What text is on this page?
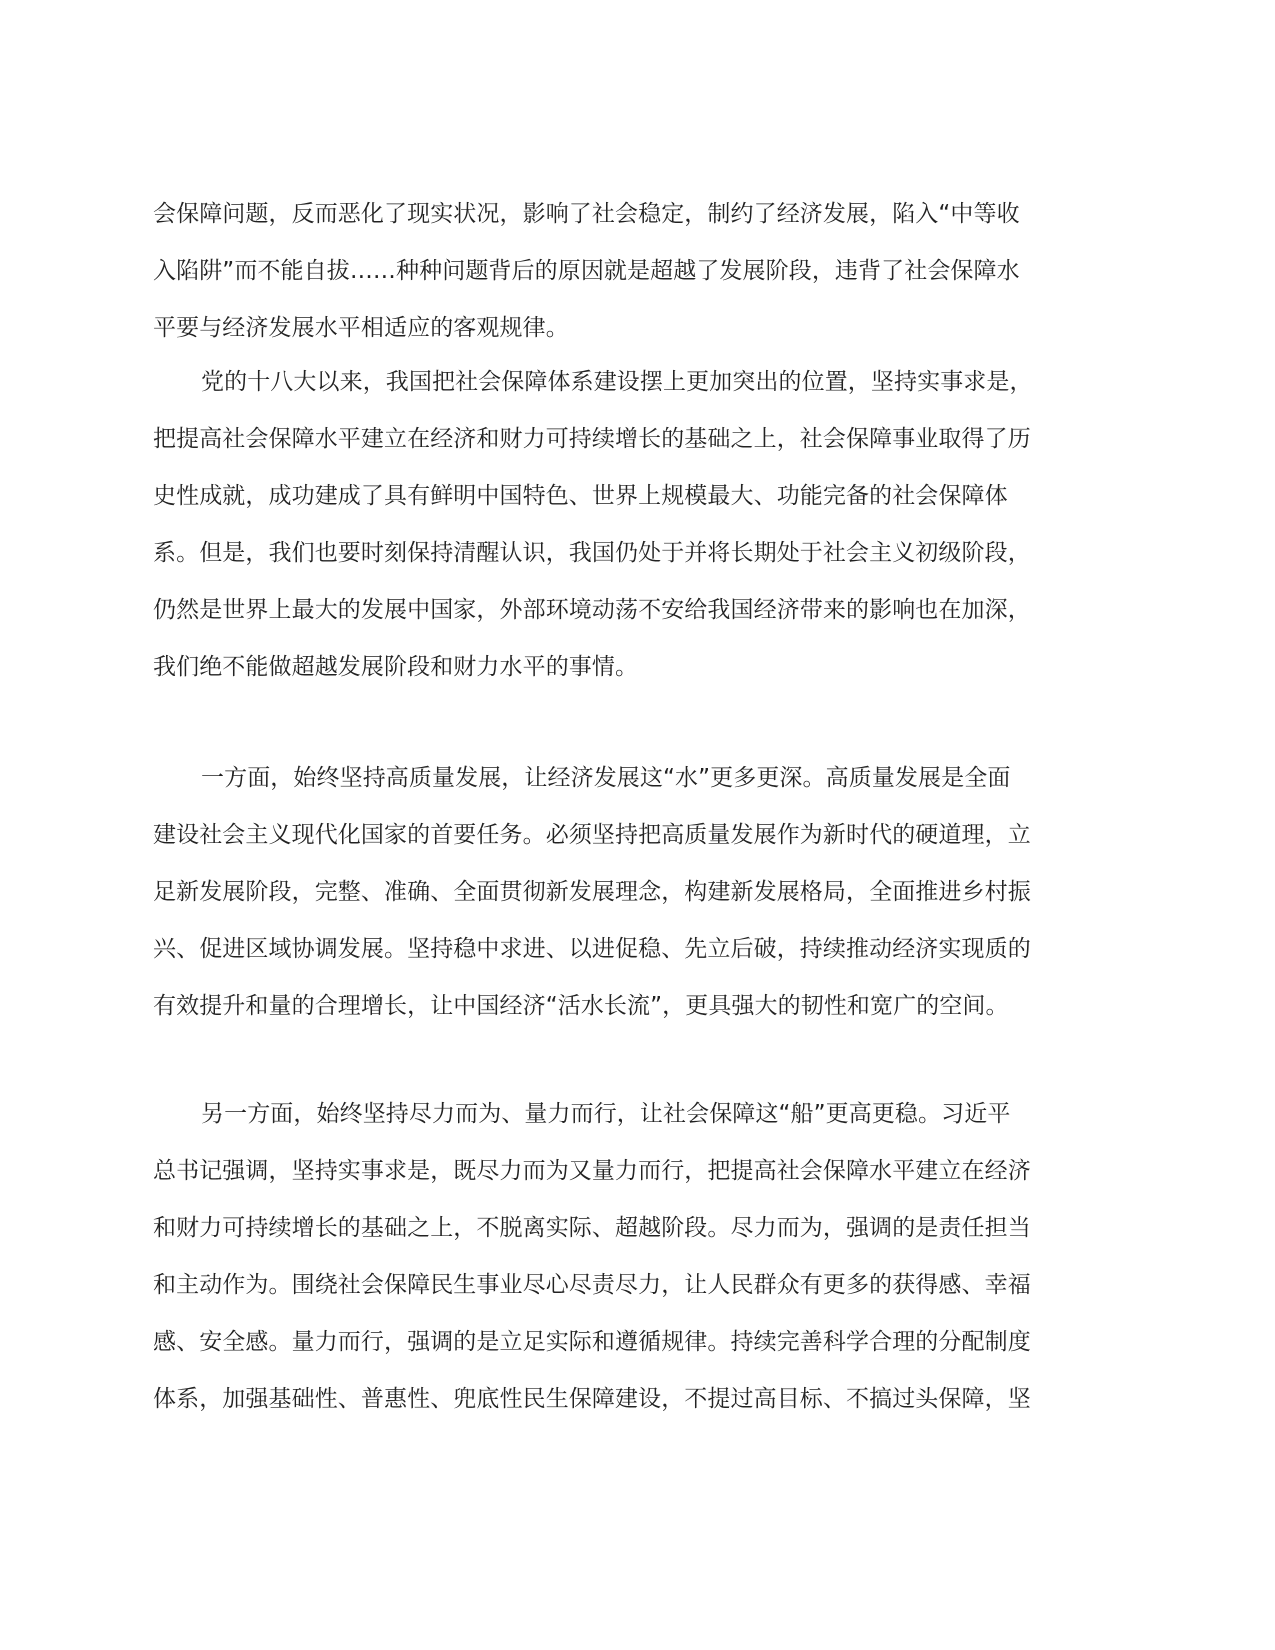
会保障问题，反而恶化了现实状况，影响了社会稳定，制约了经济发展，陷入“中等收
入陷阱”而不能自拔……种种问题背后的原因就是超越了发展阶段，违背了社会保障水
平要与经济发展水平相适应的客观规律。
党的十八大以来，我国把社会保障体系建设摆上更加突出的位置，坚持实事求是，
把提高社会保障水平建立在经济和财力可持续增长的基础之上，社会保障事业取得了历
史性成就，成功建成了具有鲜明中国特色、世界上规模最大、功能完备的社会保障体
系。但是，我们也要时刻保持清醒认识，我国仍处于并将长期处于社会主义初级阶段，
仍然是世界上最大的发展中国家，外部环境动荡不安给我国经济带来的影响也在加深，
我们绝不能做超越发展阶段和财力水平的事情。
一方面，始终坚持高质量发展，让经济发展这“水”更多更深。高质量发展是全面
建设社会主义现代化国家的首要任务。必须坚持把高质量发展作为新时代的硬道理，立
足新发展阶段，完整、准确、全面贯彻新发展理念，构建新发展格局，全面推进乡村振
兴、促进区域协调发展。坚持稳中求进、以进促稳、先立后破，持续推动经济实现质的
有效提升和量的合理增长，让中国经济“活水长流”，更具强大的韧性和宽广的空间。
另一方面，始终坚持尽力而为、量力而行，让社会保障这“船”更高更稳。习近平
总书记强调，坚持实事求是，既尽力而为又量力而行，把提高社会保障水平建立在经济
和财力可持续增长的基础之上，不脱离实际、超越阶段。尽力而为，强调的是责任担当
和主动作为。围绕社会保障民生事业尽心尽责尽力，让人民群众有更多的获得感、幸福
感、安全感。量力而行，强调的是立足实际和遵循规律。持续完善科学合理的分配制度
体系，加强基础性、普惠性、兜底性民生保障建设，不提过高目标、不搞过头保障，坚
